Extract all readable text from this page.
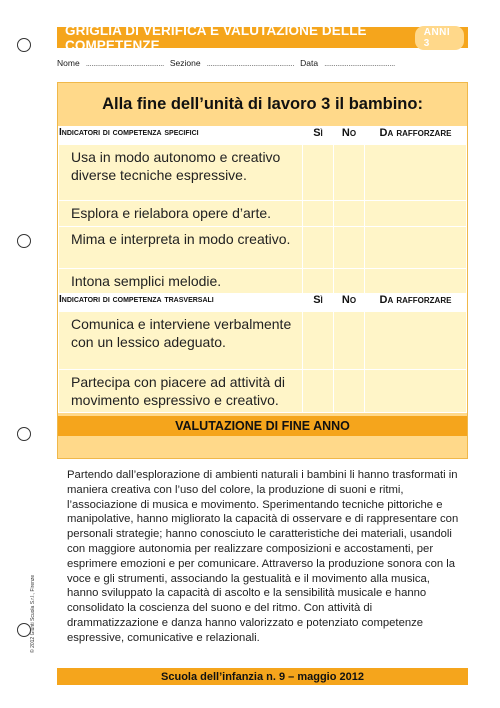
GRIGLIA DI VERIFICA E VALUTAZIONE DELLE COMPETENZE
ANNI 3
Nome .......................................... Sezione ............................................... Data ......................................
Alla fine dell’unità di lavoro 3 il bambino:
Indicatori di competenza specifici	Sì	No	Da rafforzare
Usa in modo autonomo e creativo diverse tecniche espressive.			
Esplora e rielabora opere d’arte.			
Mima e interpreta in modo creativo.			
Intona semplici melodie.			
Indicatori di competenza trasversali	Sì	No	Da rafforzare
Comunica e interviene verbalmente con un lessico adeguato.			
Partecipa con piacere ad attività di movimento espressivo e creativo.			
VALUTAZIONE DI FINE ANNO

Partendo dall’esplorazione di ambienti naturali i bambini li hanno trasformati in maniera creativa con l’uso del colore, la produzione di suoni e ritmi, l’associazione di musica e movimento. Sperimentando tecniche pittoriche e manipolative, hanno migliorato la capacità di osservare e di rappresentare con personali strategie; hanno conosciuto le caratteristiche dei materiali, usandoli con maggiore autonomia per realizzare composizioni e accostamenti, per esprimere emozioni e per comunicare. Attraverso la produzione sonora con la voce e gli strumenti, associando la gestualità e il movimento alla musica, hanno sviluppato la capacità di ascolto e la sensibilità musicale e hanno consolidato la coscienza del suono e del ritmo. Con attività di drammatizzazione e danza hanno valorizzato e potenziato competenze espressive, comunicative e relazionali.

Scuola dell’infanzia n. 9 – maggio 2012
© 2012 Giunti Scuola S.r.l., Firenze
